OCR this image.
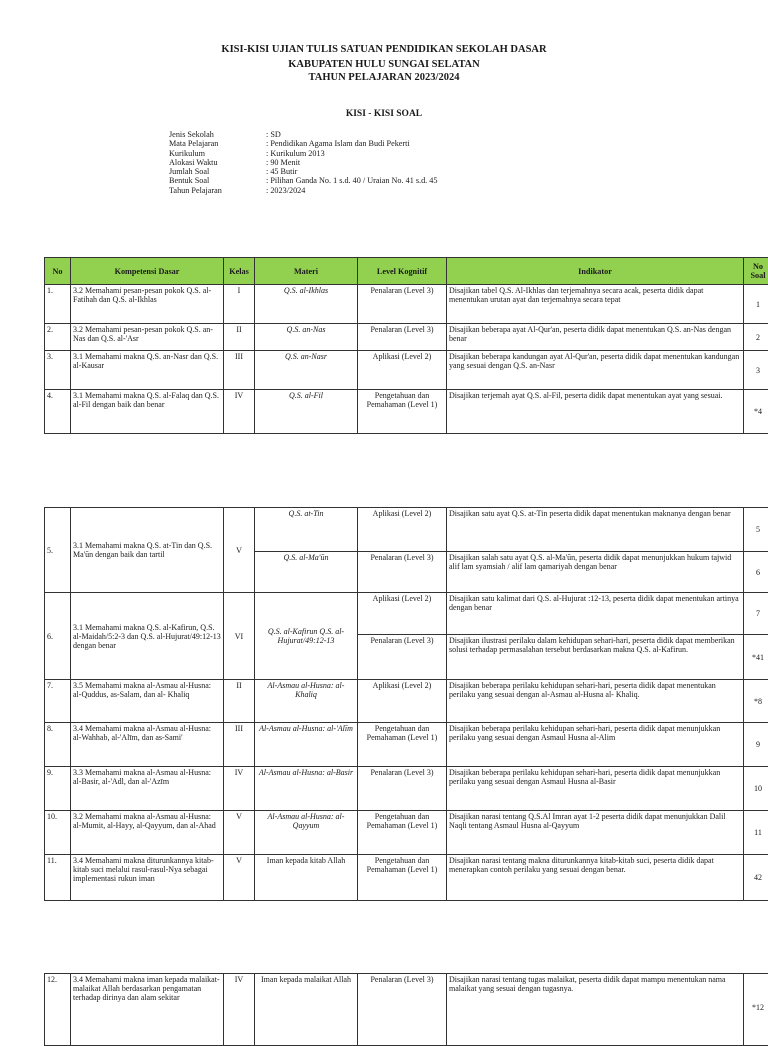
KISI-KISI UJIAN TULIS SATUAN PENDIDIKAN SEKOLAH DASAR
KABUPATEN HULU SUNGAI SELATAN
TAHUN PELAJARAN 2023/2024
KISI - KISI SOAL
Jenis Sekolah	: SD
Mata Pelajaran	: Pendidikan Agama Islam dan Budi Pekerti
Kurikulum	: Kurikulum 2013
Alokasi Waktu	: 90 Menit
Jumlah Soal	: 45 Butir
Bentuk Soal	: Pilihan Ganda No. 1 s.d. 40 / Uraian No. 41 s.d. 45
Tahun Pelajaran	: 2023/2024
No	Kompetensi Dasar	Kelas	Materi	Level Kognitif	Indikator	No Soal
1.	3.2 Memahami pesan-pesan pokok Q.S. al-Fatihah dan Q.S. al-Ikhlas	I	Q.S. al-Ikhlas	Penalaran (Level 3)	Disajikan tabel Q.S. Al-Ikhlas dan terjemahnya secara acak, peserta didik dapat menentukan urutan ayat dan terjemahnya secara tepat	1
2.	3.2 Memahami pesan-pesan pokok Q.S. an-Nas dan Q.S. al-'Asr	II	Q.S. an-Nas	Penalaran (Level 3)	Disajikan beberapa ayat Al-Qur'an, peserta didik dapat menentukan Q.S. an-Nas dengan benar	2
3.	3.1 Memahami makna Q.S. an-Nasr dan Q.S. al-Kausar	III	Q.S. an-Nasr	Aplikasi (Level 2)	Disajikan beberapa kandungan ayat Al-Qur'an, peserta didik dapat menentukan kandungan yang sesuai dengan Q.S. an-Nasr	3
4.	3.1 Memahami makna Q.S. al-Falaq dan Q.S. al-Fil dengan baik dan benar	IV	Q.S. al-Fil	Pengetahuan dan Pemahaman (Level 1)	Disajikan terjemah ayat Q.S. al-Fil, peserta didik dapat menentukan ayat yang sesuai.	*4
5.	3.1 Memahami makna Q.S. at-Tin dan Q.S. Ma'ūn dengan baik dan tartil	V	Q.S. at-Tin	Aplikasi (Level 2)	Disajikan satu ayat Q.S. at-Tin peserta didik dapat menentukan maknanya dengan benar	5
			Q.S. al-Ma'ūn	Penalaran (Level 3)	Disajikan salah satu ayat Q.S. al-Ma'ūn, peserta didik dapat menunjukkan hukum tajwid alif lam syamsiah / alif lam qamariyah dengan benar	6
6.	3.1 Memahami makna Q.S. al-Kafirun, Q.S. al-Maidah/5:2-3 dan Q.S. al-Hujurat/49:12-13 dengan benar	VI	Q.S. al-Kafirun Q.S. al-Hujurat/49:12-13	Aplikasi (Level 2)	Disajikan satu kalimat dari Q.S. al-Hujurat :12-13, peserta didik dapat menentukan artinya dengan benar	7
				Penalaran (Level 3)	Disajikan ilustrasi perilaku dalam kehidupan sehari-hari, peserta didik dapat memberikan solusi terhadap permasalahan tersebut berdasarkan makna Q.S. al-Kafirun.	*41
7.	3.5 Memahami makna al-Asmau al-Husna: al-Quddus, as-Salam, dan al- Khaliq	II	Al-Asmau al-Husna: al-Khaliq	Aplikasi (Level 2)	Disajikan beberapa perilaku kehidupan sehari-hari, peserta didik dapat menentukan perilaku yang sesuai dengan al-Asmau al-Husna al- Khaliq.	*8
8.	3.4 Memahami makna al-Asmau al-Husna: al-Wahhab, al-'Alīm, dan as-Sami'	III	Al-Asmau al-Husna: al-'Alīm	Pengetahuan dan Pemahaman (Level 1)	Disajikan beberapa perilaku kehidupan sehari-hari, peserta didik dapat menunjukkan perilaku yang sesuai dengan Asmaul Husna al-Alim	9
9.	3.3 Memahami makna al-Asmau al-Husna: al-Basir, al-'Adl, dan al-'Azīm	IV	Al-Asmau al-Husna: al-Basir	Penalaran (Level 3)	Disajikan beberapa perilaku kehidupan sehari-hari, peserta didik dapat menunjukkan perilaku yang sesuai dengan Asmaul Husna al-Basir	10
10.	3.2 Memahami makna al-Asmau al-Husna: al-Mumit, al-Hayy, al-Qayyum, dan al-Ahad	V	Al-Asmau al-Husna: al-Qayyum	Pengetahuan dan Pemahaman (Level 1)	Disajikan narasi tentang Q.S.Al Imran ayat 1-2 peserta didik dapat menunjukkan Dalil Naqli tentang Asmaul Husna al-Qayyum	11
11.	3.4 Memahami makna diturunkannya kitab-kitab suci melalui rasul-rasul-Nya sebagai implementasi rukun iman	V	Iman kepada kitab Allah	Pengetahuan dan Pemahaman (Level 1)	Disajikan narasi tentang makna diturunkannya kitab-kitab suci, peserta didik dapat menerapkan contoh perilaku yang sesuai dengan benar.	42
12.	3.4 Memahami makna iman kepada malaikat-malaikat Allah berdasarkan pengamatan terhadap dirinya dan alam sekitar	IV	Iman kepada malaikat Allah	Penalaran (Level 3)	Disajikan narasi tentang tugas malaikat, peserta didik dapat mampu menentukan nama malaikat yang sesuai dengan tugasnya.	*12
